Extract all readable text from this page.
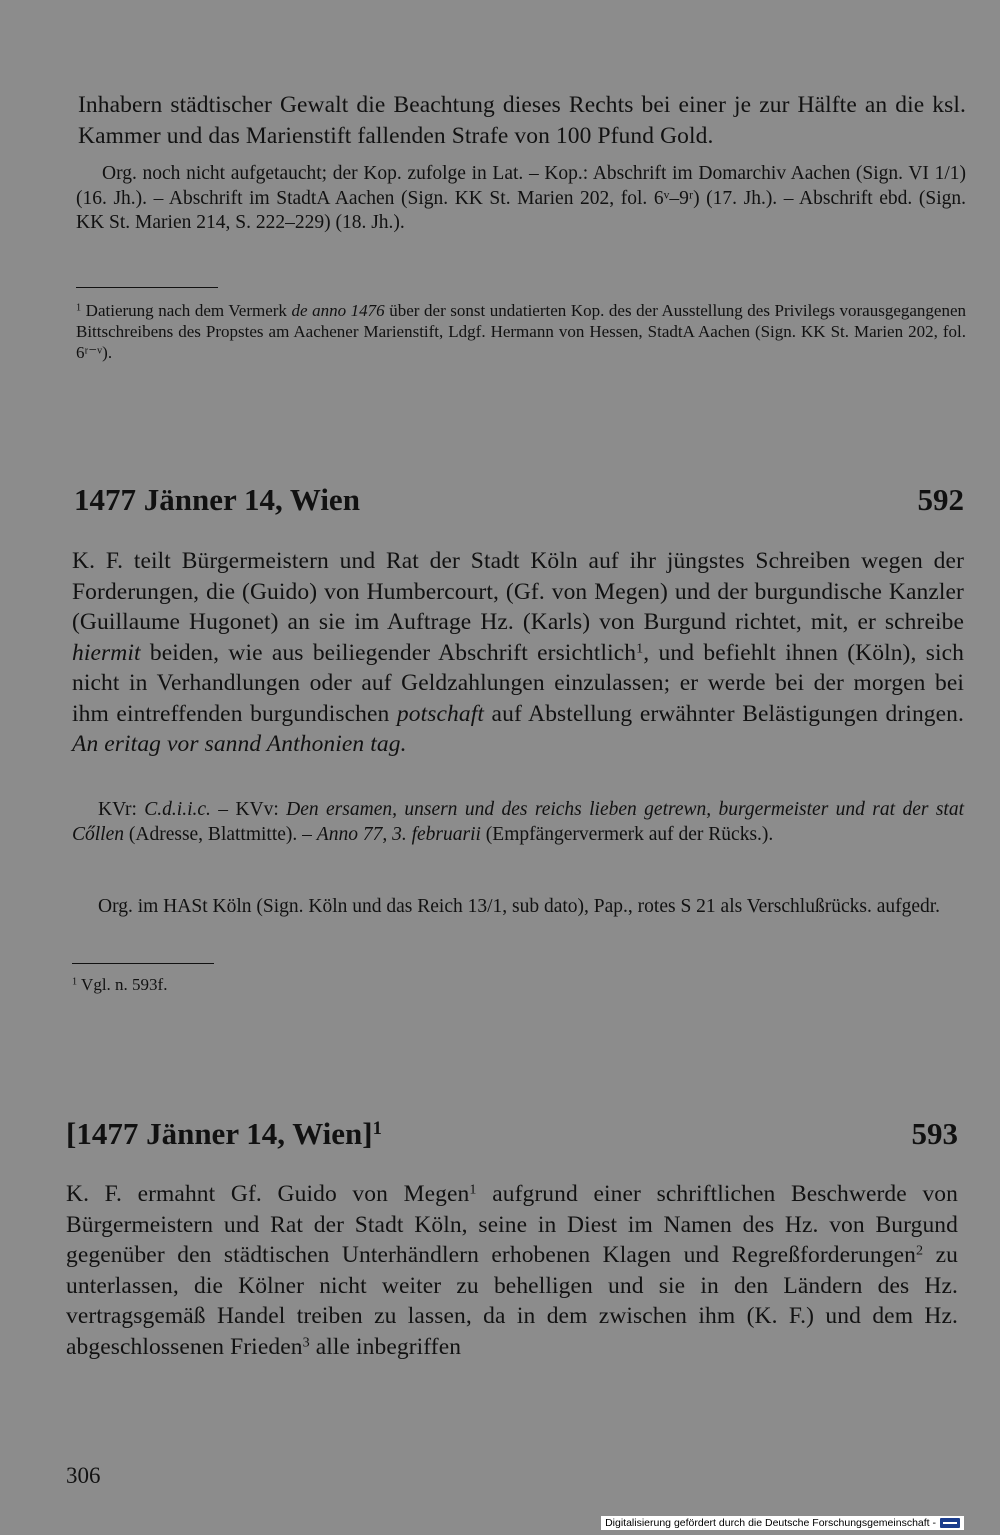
Inhabern städtischer Gewalt die Beachtung dieses Rechts bei einer je zur Hälfte an die ksl. Kammer und das Marienstift fallenden Strafe von 100 Pfund Gold.

Org. noch nicht aufgetaucht; der Kop. zufolge in Lat. – Kop.: Abschrift im Domarchiv Aachen (Sign. VI 1/1) (16. Jh.). – Abschrift im StadtA Aachen (Sign. KK St. Marien 202, fol. 6ᵛ–9ʳ) (17. Jh.). – Abschrift ebd. (Sign. KK St. Marien 214, S. 222–229) (18. Jh.).

$^1$ Datierung nach dem Vermerk de anno 1476 über der sonst undatierten Kop. des der Ausstellung des Privilegs vorausgegangenen Bittschreibens des Propstes am Aachener Marienstift, Ldgf. Hermann von Hessen, StadtA Aachen (Sign. KK St. Marien 202, fol. 6ʳ⁻ᵛ).

1477 Jänner 14, Wien	592

K. F. teilt Bürgermeistern und Rat der Stadt Köln auf ihr jüngstes Schreiben wegen der Forderungen, die (Guido) von Humbercourt, (Gf. von Megen) und der burgundische Kanzler (Guillaume Hugonet) an sie im Auftrage Hz. (Karls) von Burgund richtet, mit, er schreibe hiermit beiden, wie aus beiliegender Abschrift ersichtlich$^1$, und befiehlt ihnen (Köln), sich nicht in Verhandlungen oder auf Geldzahlungen einzulassen; er werde bei der morgen bei ihm eintreffenden burgundischen potschaft auf Abstellung erwähnter Belästigungen dringen. An eritag vor sannd Anthonien tag.

KVr: C.d.i.i.c. – KVv: Den ersamen, unsern und des reichs lieben getrewn, burgermeister und rat der stat Cőllen (Adresse, Blattmitte). – Anno 77, 3. februarii (Empfängervermerk auf der Rücks.).

Org. im HASt Köln (Sign. Köln und das Reich 13/1, sub dato), Pap., rotes S 21 als Verschlußrücks. aufgedr.

$^1$ Vgl. n. 593f.

[1477 Jänner 14, Wien]$^1$	593

K. F. ermahnt Gf. Guido von Megen$^1$ aufgrund einer schriftlichen Beschwerde von Bürgermeistern und Rat der Stadt Köln, seine in Diest im Namen des Hz. von Burgund gegenüber den städtischen Unterhändlern erhobenen Klagen und Regreßforderungen$^2$ zu unterlassen, die Kölner nicht weiter zu behelligen und sie in den Ländern des Hz. vertragsgemäß Handel treiben zu lassen, da in dem zwischen ihm (K. F.) und dem Hz. abgeschlossenen Frieden$^3$ alle inbegriffen

306
Digitalisierung gefördert durch die Deutsche Forschungsgemeinschaft -
